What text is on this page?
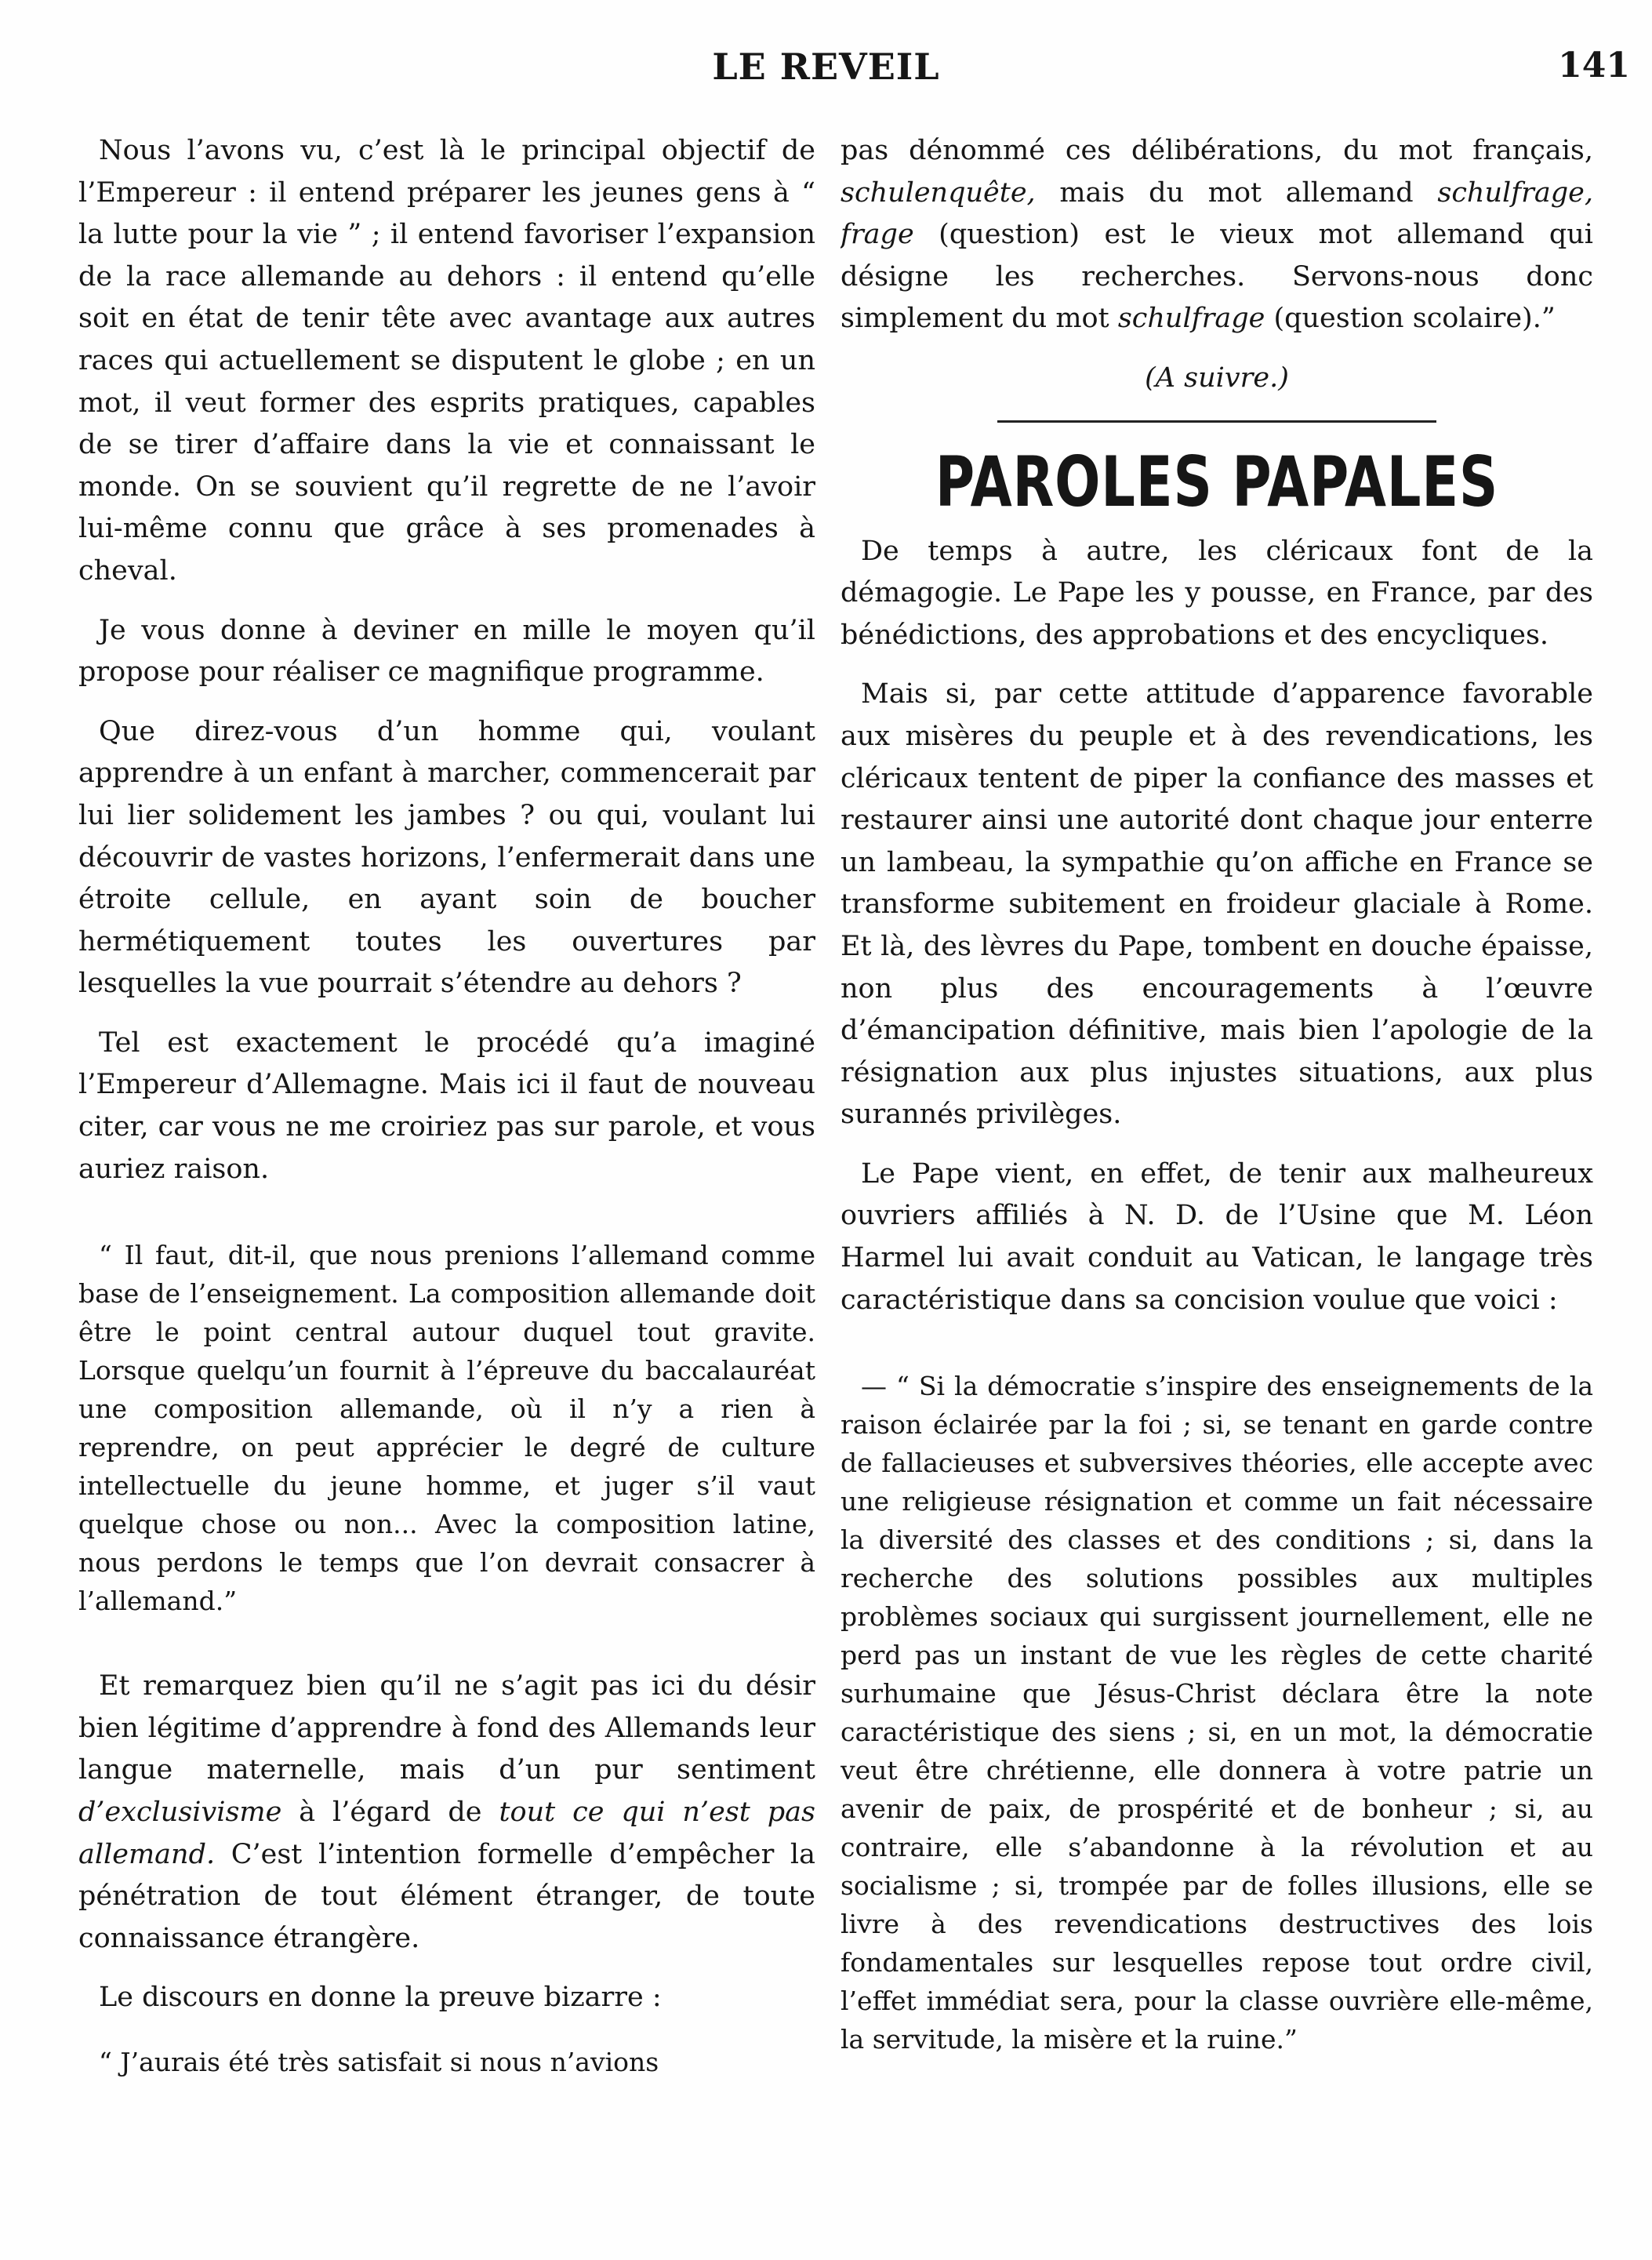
LE REVEIL	141

Nous l’avons vu, c’est là le principal objectif de l’Empereur : il entend préparer les jeunes gens à “ la lutte pour la vie ” ; il entend favoriser l’expansion de la race allemande au dehors : il entend qu’elle soit en état de tenir tête avec avantage aux autres races qui actuellement se disputent le globe ; en un mot, il veut former des esprits pratiques, capables de se tirer d’affaire dans la vie et connaissant le monde. On se souvient qu’il regrette de ne l’avoir lui-même connu que grâce à ses promenades à cheval.

Je vous donne à deviner en mille le moyen qu’il propose pour réaliser ce magnifique programme.

Que direz-vous d’un homme qui, voulant apprendre à un enfant à marcher, commencerait par lui lier solidement les jambes ? ou qui, voulant lui découvrir de vastes horizons, l’enfermerait dans une étroite cellule, en ayant soin de boucher hermétiquement toutes les ouvertures par lesquelles la vue pourrait s’étendre au dehors ?

Tel est exactement le procédé qu’a imaginé l’Empereur d’Allemagne. Mais ici il faut de nouveau citer, car vous ne me croiriez pas sur parole, et vous auriez raison.

“ Il faut, dit-il, que nous prenions l’allemand comme base de l’enseignement. La composition allemande doit être le point central autour duquel tout gravite. Lorsque quelqu’un fournit à l’épreuve du baccalauréat une composition allemande, où il n’y a rien à reprendre, on peut apprécier le degré de culture intellectuelle du jeune homme, et juger s’il vaut quelque chose ou non... Avec la composition latine, nous perdons le temps que l’on devrait consacrer à l’allemand.”

Et remarquez bien qu’il ne s’agit pas ici du désir bien légitime d’apprendre à fond des Allemands leur langue maternelle, mais d’un pur sentiment d’exclusivisme à l’égard de tout ce qui n’est pas allemand. C’est l’intention formelle d’empêcher la pénétration de tout élément étranger, de toute connaissance étrangère.

Le discours en donne la preuve bizarre :

“ J’aurais été très satisfait si nous n’avions

pas dénommé ces délibérations, du mot français, schulenquête, mais du mot allemand schulfrage, frage (question) est le vieux mot allemand qui désigne les recherches. Servons-nous donc simplement du mot schulfrage (question scolaire).”

(A suivre.)
PAROLES PAPALES

De temps à autre, les cléricaux font de la démagogie. Le Pape les y pousse, en France, par des bénédictions, des approbations et des encycliques.

Mais si, par cette attitude d’apparence favorable aux misères du peuple et à des revendications, les cléricaux tentent de piper la confiance des masses et restaurer ainsi une autorité dont chaque jour enterre un lambeau, la sympathie qu’on affiche en France se transforme subitement en froideur glaciale à Rome. Et là, des lèvres du Pape, tombent en douche épaisse, non plus des encouragements à l’œuvre d’émancipation définitive, mais bien l’apologie de la résignation aux plus injustes situations, aux plus surannés privilèges.

Le Pape vient, en effet, de tenir aux malheureux ouvriers affiliés à N. D. de l’Usine que M. Léon Harmel lui avait conduit au Vatican, le langage très caractéristique dans sa concision voulue que voici :

— “ Si la démocratie s’inspire des enseignements de la raison éclairée par la foi ; si, se tenant en garde contre de fallacieuses et subversives théories, elle accepte avec une religieuse résignation et comme un fait nécessaire la diversité des classes et des conditions ; si, dans la recherche des solutions possibles aux multiples problèmes sociaux qui surgissent journellement, elle ne perd pas un instant de vue les règles de cette charité surhumaine que Jésus-Christ déclara être la note caractéristique des siens ; si, en un mot, la démocratie veut être chrétienne, elle donnera à votre patrie un avenir de paix, de prospérité et de bonheur ; si, au contraire, elle s’abandonne à la révolution et au socialisme ; si, trompée par de folles illusions, elle se livre à des revendications destructives des lois fondamentales sur lesquelles repose tout ordre civil, l’effet immédiat sera, pour la classe ouvrière elle-même, la servitude, la misère et la ruine.”
